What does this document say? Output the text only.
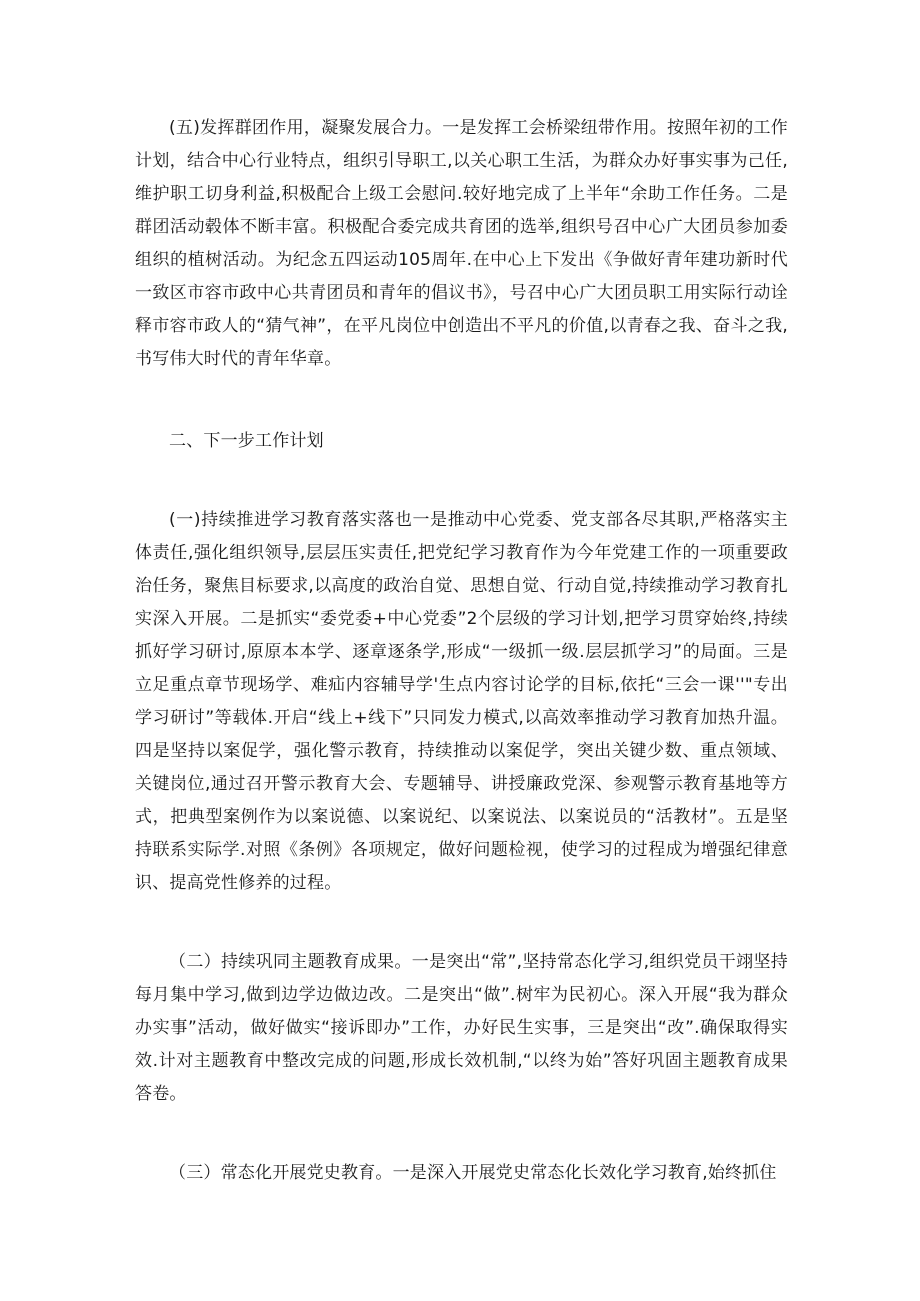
(五)发挥群团作用，凝聚发展合力。一是发挥工会桥梁纽带作用。按照年初的工作计划，结合中心行业特点，组织引导职工,以关心职工生活，为群众办好事实事为己任,维护职工切身利益,积极配合上级工会慰问.较好地完成了上半年“余助工作任务。二是群团活动毂体不断丰富。积极配合委完成共育团的选举,组织号召中心广大团员参加委组织的植树活动。为纪念五四运动105周年.在中心上下发出《争做好青年建功新时代一致区市容市政中心共青团员和青年的倡议书》，号召中心广大团员职工用实际行动诠释市容市政人的“猜气神”，在平凡岗位中创造出不平凡的价值,以青春之我、奋斗之我,书写伟大时代的青年华章。

二、下一步工作计划

(一)持续推进学习教育落实落也一是推动中心党委、党支部各尽其职,严格落实主体责任,强化组织领导,层层压实责任,把党纪学习教育作为今年党建工作的一项重要政治任务，聚焦目标要求,以高度的政治自觉、思想自觉、行动自觉,持续推动学习教育扎实深入开展。二是抓实“委党委+中心党委”2个层级的学习计划,把学习贯穿始终,持续抓好学习研讨,原原本本学、逐章逐条学,形成“一级抓一级.层层抓学习”的局面。三是立足重点章节现场学、难疝内容辅导学'生点内容讨论学的目标,依托“三会一课''"专出学习研讨”等载体.开启“线上+线下”只同发力模式,以高效率推动学习教育加热升温。四是坚持以案促学，强化警示教育，持续推动以案促学，突出关键少数、重点领域、关键岗位,通过召开警示教育大会、专题辅导、讲授廉政党深、参观警示教育基地等方式，把典型案例作为以案说德、以案说纪、以案说法、以案说员的“活教材”。五是坚持联系实际学.对照《条例》各项规定，做好问题检视，使学习的过程成为增强纪律意识、提高党性修养的过程。

（二）持续巩同主题教育成果。一是突出“常”,坚持常态化学习,组织党员干翊坚持每月集中学习,做到边学边做边改。二是突出“做”.树牢为民初心。深入开展“我为群众办实事”活动，做好做实“接诉即办”工作，办好民生实事，三是突出“改”.确保取得实效.计对主题教育中整改完成的问题,形成长效机制,“以终为始”答好巩固主题教育成果答卷。

（三）常态化开展党史教育。一是深入开展党史常态化长效化学习教育,始终抓住
